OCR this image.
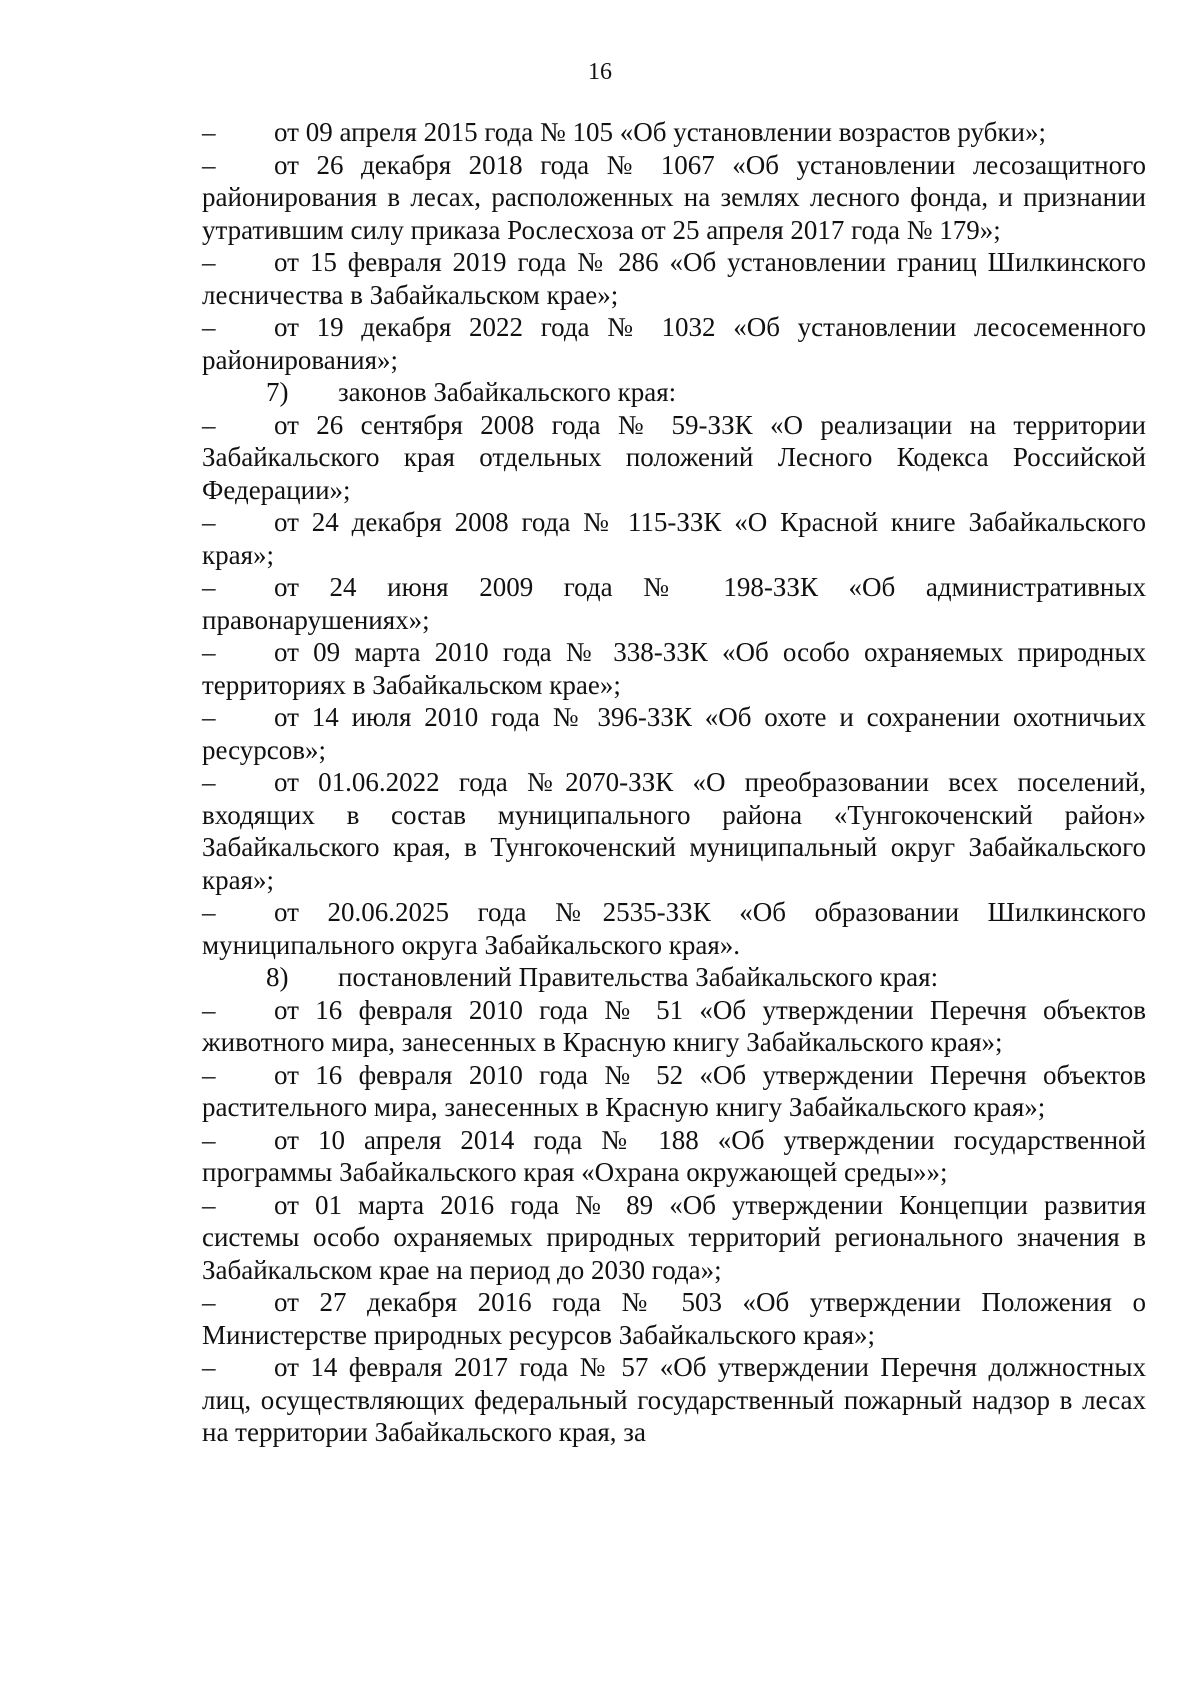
16

– от 09 апреля 2015 года № 105 «Об установлении возрастов рубки»;

– от 26 декабря 2018 года № 1067 «Об установлении лесозащитного районирования в лесах, расположенных на землях лесного фонда, и признании утратившим силу приказа Рослесхоза от 25 апреля 2017 года № 179»;

– от 15 февраля 2019 года № 286 «Об установлении границ Шилкинского лесничества в Забайкальском крае»;

– от 19 декабря 2022 года № 1032 «Об установлении лесосеменного районирования»;

7) законов Забайкальского края:

– от 26 сентября 2008 года № 59-ЗЗК «О реализации на территории Забайкальского края отдельных положений Лесного Кодекса Российской Федерации»;

– от 24 декабря 2008 года № 115-ЗЗК «О Красной книге Забайкальского края»;

– от 24 июня 2009 года № 198-ЗЗК «Об административных правонарушениях»;

– от 09 марта 2010 года № 338-ЗЗК «Об особо охраняемых природных территориях в Забайкальском крае»;

– от 14 июля 2010 года № 396-ЗЗК «Об охоте и сохранении охотничьих ресурсов»;

– от 01.06.2022 года №2070-ЗЗК «О преобразовании всех поселений, входящих в состав муниципального района «Тунгокоченский район» Забайкальского края, в Тунгокоченский муниципальный округ Забайкальского края»;

– от 20.06.2025 года №2535-ЗЗК «Об образовании Шилкинского муниципального округа Забайкальского края».

8) постановлений Правительства Забайкальского края:

– от 16 февраля 2010 года № 51 «Об утверждении Перечня объектов животного мира, занесенных в Красную книгу Забайкальского края»;

– от 16 февраля 2010 года № 52 «Об утверждении Перечня объектов растительного мира, занесенных в Красную книгу Забайкальского края»;

– от 10 апреля 2014 года № 188 «Об утверждении государственной программы Забайкальского края «Охрана окружающей среды»»;

– от 01 марта 2016 года № 89 «Об утверждении Концепции развития системы особо охраняемых природных территорий регионального значения в Забайкальском крае на период до 2030 года»;

– от 27 декабря 2016 года № 503 «Об утверждении Положения о Министерстве природных ресурсов Забайкальского края»;

– от 14 февраля 2017 года № 57 «Об утверждении Перечня должностных лиц, осуществляющих федеральный государственный пожарный надзор в лесах на территории Забайкальского края, за
